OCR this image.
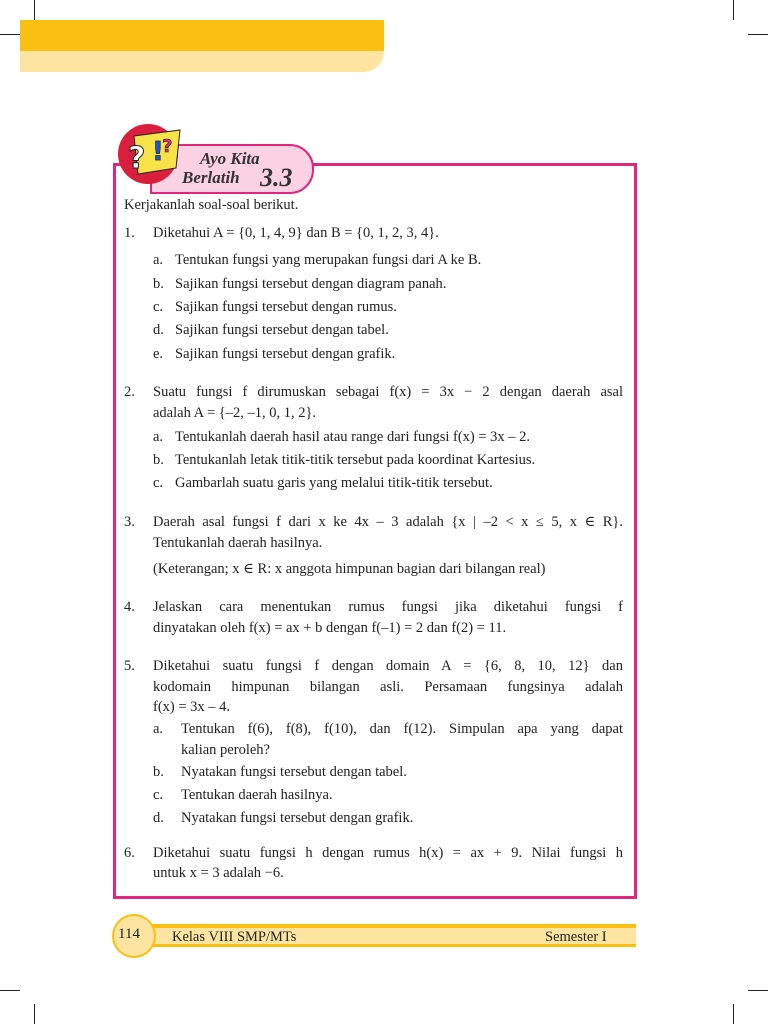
? !
?
Ayo Kita
Berlatih 3.3
Kerjakanlah soal-soal berikut.
1. Diketahui A = {0, 1, 4, 9} dan B = {0, 1, 2, 3, 4}.
a. Tentukan fungsi yang merupakan fungsi dari A ke B.
b. Sajikan fungsi tersebut dengan diagram panah.
c. Sajikan fungsi tersebut dengan rumus.
d. Sajikan fungsi tersebut dengan tabel.
e. Sajikan fungsi tersebut dengan grafik.
2. Suatu fungsi f dirumuskan sebagai f(x) = 3x − 2 dengan daerah asal
adalah A = {–2, –1, 0, 1, 2}.
a. Tentukanlah daerah hasil atau range dari fungsi f(x) = 3x – 2.
b. Tentukanlah letak titik-titik tersebut pada koordinat Kartesius.
c. Gambarlah suatu garis yang melalui titik-titik tersebut.
3. Daerah asal fungsi f dari x ke 4x – 3 adalah {x | –2 < x ≤ 5, x ∈ R}.
Tentukanlah daerah hasilnya.
(Keterangan; x ∈ R: x anggota himpunan bagian dari bilangan real)
4. Jelaskan cara menentukan rumus fungsi jika diketahui fungsi f
dinyatakan oleh f(x) = ax + b dengan f(–1) = 2 dan f(2) = 11.
5. Diketahui suatu fungsi f dengan domain A = {6, 8, 10, 12} dan
kodomain himpunan bilangan asli. Persamaan fungsinya adalah
f(x) = 3x – 4.
a. Tentukan f(6), f(8), f(10), dan f(12). Simpulan apa yang dapat
kalian peroleh?
b. Nyatakan fungsi tersebut dengan tabel.
c. Tentukan daerah hasilnya.
d. Nyatakan fungsi tersebut dengan grafik.
6. Diketahui suatu fungsi h dengan rumus h(x) = ax + 9. Nilai fungsi h
untuk x = 3 adalah −6.
114 Kelas VIII SMP/MTs	Semester I
